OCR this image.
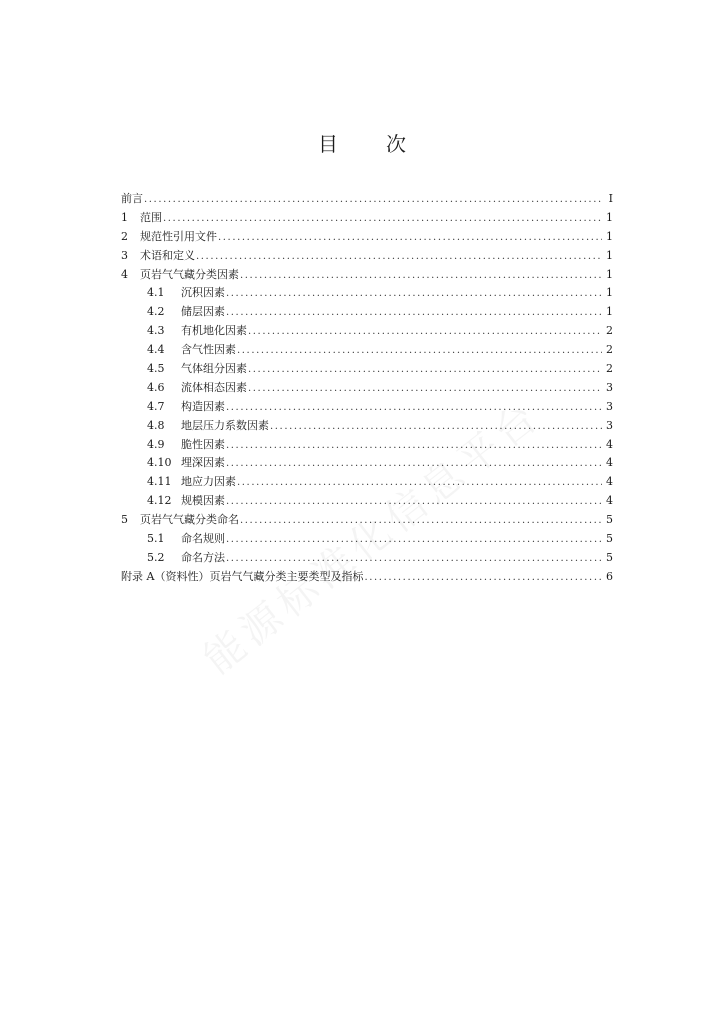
目　次
前言 .....	I
1	范围 .....	1
2	规范性引用文件 .....	1
3	术语和定义 .....	1
4	页岩气气藏分类因素 .....	1
4.1	沉积因素 .....	1
4.2	储层因素 .....	1
4.3	有机地化因素 .....	2
4.4	含气性因素 .....	2
4.5	气体组分因素 .....	2
4.6	流体相态因素 .....	3
4.7	构造因素 .....	3
4.8	地层压力系数因素 .....	3
4.9	脆性因素 .....	4
4.10 埋深因素 .....	4
4.11 地应力因素 .....	4
4.12 规模因素 .....	4
5	页岩气气藏分类命名 .....	5
5.1	命名规则 .....	5
5.2	命名方法 .....	5
附录 A（资料性）页岩气气藏分类主要类型及指标 .....	6
